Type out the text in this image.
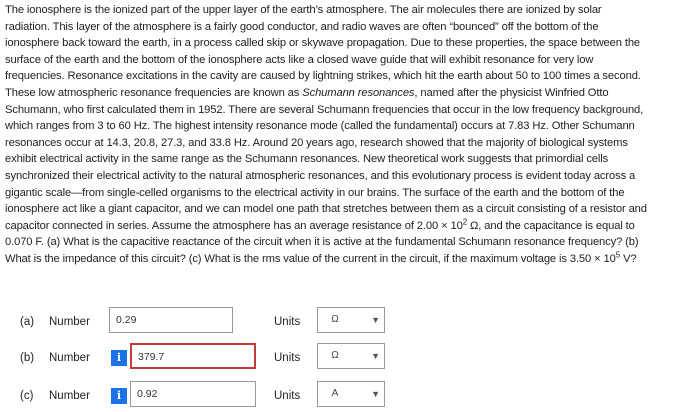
The ionosphere is the ionized part of the upper layer of the earth’s atmosphere. The air molecules there are ionized by solar
radiation. This layer of the atmosphere is a fairly good conductor, and radio waves are often “bounced” off the bottom of the
ionosphere back toward the earth, in a process called skip or skywave propagation. Due to these properties, the space between the
surface of the earth and the bottom of the ionosphere acts like a closed wave guide that will exhibit resonance for very low
frequencies. Resonance excitations in the cavity are caused by lightning strikes, which hit the earth about 50 to 100 times a second.
These low atmospheric resonance frequencies are known as Schumann resonances, named after the physicist Winfried Otto
Schumann, who first calculated them in 1952. There are several Schumann frequencies that occur in the low frequency background,
which ranges from 3 to 60 Hz. The highest intensity resonance mode (called the fundamental) occurs at 7.83 Hz. Other Schumann
resonances occur at 14.3, 20.8, 27.3, and 33.8 Hz. Around 20 years ago, research showed that the majority of biological systems
exhibit electrical activity in the same range as the Schumann resonances. New theoretical work suggests that primordial cells
synchronized their electrical activity to the natural atmospheric resonances, and this evolutionary process is evident today across a
gigantic scale—from single-celled organisms to the electrical activity in our brains. The surface of the earth and the bottom of the
ionosphere act like a giant capacitor, and we can model one path that stretches between them as a circuit consisting of a resistor and
capacitor connected in series. Assume the atmosphere has an average resistance of $2.00 \times 10^2$ Ω, and the capacitance is equal to
0.070 F. (a) What is the capacitive reactance of the circuit when it is active at the fundamental Schumann resonance frequency? (b)
What is the impedance of this circuit? (c) What is the rms value of the current in the circuit, if the maximum voltage is $3.50 \times 10^5$ V?
(a)	Number	0.29	Units	Ω	▼
(b)	Number	i	379.7	Units	Ω	▼
(c)	Number	i	0.92	Units	A	▼
